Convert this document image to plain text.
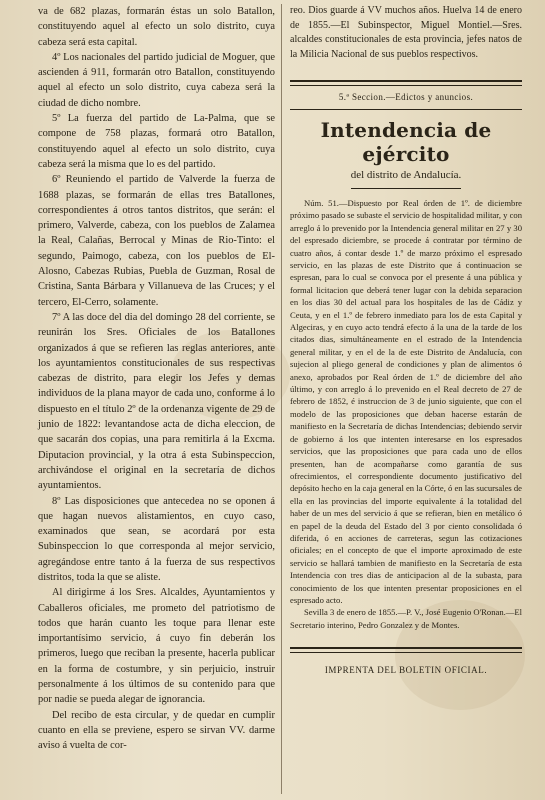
va de 682 plazas, formarán éstas un solo Batallon, constituyendo aquel al efecto un solo distrito, cuya cabeza será esta capital.

4º Los nacionales del partido judicial de Moguer, que ascienden á 911, formarán otro Batallon, constituyendo aquel al efecto un solo distrito, cuya cabeza será la ciudad de dicho nombre.

5º La fuerza del partido de La-Palma, que se compone de 758 plazas, formará otro Batallon, constituyendo aquel al efecto un solo distrito, cuya cabeza será la misma que lo es del partido.

6º Reuniendo el partido de Valverde la fuerza de 1688 plazas, se formarán de ellas tres Batallones, correspondientes á otros tantos distritos, que serán: el primero, Valverde, cabeza, con los pueblos de Zalamea la Real, Calañas, Berrocal y Minas de Rio-Tinto: el segundo, Paimogo, cabeza, con los pueblos de El-Alosno, Cabezas Rubias, Puebla de Guzman, Rosal de Cristina, Santa Bárbara y Villanueva de las Cruces; y el tercero, El-Cerro, solamente.

7º A las doce del dia del domingo 28 del corriente, se reunirán los Sres. Oficiales de los Batallones organizados á que se refieren las reglas anteriores, ante los ayuntamientos constitucionales de sus respectivas cabezas de distrito, para elegir los Jefes y demas individuos de la plana mayor de cada uno, conforme á lo dispuesto en el título 2º de la ordenanza vigente de 29 de junio de 1822: levantandose acta de dicha eleccion, de que sacarán dos copias, una para remitirla á la Excma. Diputacion provincial, y la otra á esta Subinspeccion, archivándose el original en la secretaría de dichos ayuntamientos.

8º Las disposiciones que antecedea no se oponen á que hagan nuevos alistamientos, en cuyo caso, examinados que sean, se acordará por esta Subinspeccion lo que corresponda al mejor servicio, agregándose entre tanto á la fuerza de sus respectivos distritos, toda la que se aliste.

Al dirigirme á los Sres. Alcaldes, Ayuntamientos y Caballeros oficiales, me prometo del patriotismo de todos que harán cuanto les toque para llenar este importantísimo servicio, á cuyo fin deberán los primeros, luego que reciban la presente, hacerla publicar en la forma de costumbre, y sin perjuicio, instruir personalmente á los últimos de su contenido para que por nadie se pueda alegar de ignorancia.

Del recibo de esta circular, y de quedar en cumplir cuanto en ella se previene, espero se sirvan VV. darme aviso á vuelta de cor-

reo. Dios guarde á VV muchos años. Huelva 14 de enero de 1855.—El Subinspector, Miguel Montiel.—Sres. alcaldes constitucionales de esta provincia, jefes natos de la Milicia Nacional de sus pueblos respectivos.

5.ª Seccion.—Edictos y anuncios.
Intendencia de ejército
del distrito de Andalucía.

Núm. 51.—Dispuesto por Real órden de 1º. de diciembre próximo pasado se subaste el servicio de hospitalidad militar, y con arreglo á lo prevenido por la Intendencia general militar en 27 y 30 del espresado diciembre, se procede á contratar por término de cuatro años, á contar desde 1.º de marzo próximo el espresado servicio, en las plazas de este Distrito que á continuacion se espresan, para lo cual se convoca por el presente á una pública y formal licitacion que deberá tener lugar con la debida separacion en los dias 30 del actual para los hospitales de las de Cádiz y Ceuta, y en el 1.º de febrero inmediato para los de esta Capital y Algeciras, y en cuyo acto tendrá efecto á la una de la tarde de los citados dias, simultáneamente en el estrado de la Intendencia general militar, y en el de la de este Distrito de Andalucía, con sujecion al pliego general de condiciones y plan de alimentos ó anexo, aprobados por Real órden de 1.º de diciembre del año último, y con arreglo á lo prevenido en el Real decreto de 27 de febrero de 1852, é instruccion de 3 de junio siguiente, que con el modelo de las proposiciones que deban hacerse estarán de manifiesto en la Secretaría de dichas Intendencias; debiendo servir de gobierno á los que intenten interesarse en los espresados servicios, que las proposiciones que para cada uno de ellos presenten, han de acompañarse como garantía de sus ofrecimientos, el correspondiente documento justificativo del depósito hecho en la caja general en la Córte, ó en las sucursales de ella en las provincias del importe equivalente á la totalidad del haber de un mes del servicio á que se refieran, bien en metálico ó en papel de la deuda del Estado del 3 por ciento consolidada ó diferida, ó en acciones de carreteras, segun las cotizaciones oficiales; en el concepto de que el importe aproximado de este servicio se hallará tambien de manifiesto en la Secretaría de esta Intendencia con tres dias de anticipacion al de la subasta, para conocimiento de los que intenten presentar proposiciones en el espresado acto.

Sevilla 3 de enero de 1855.—P. V., José Eugenio O'Ronan.—El Secretario interino, Pedro Gonzalez y de Montes.

IMPRENTA DEL BOLETIN OFICIAL.
